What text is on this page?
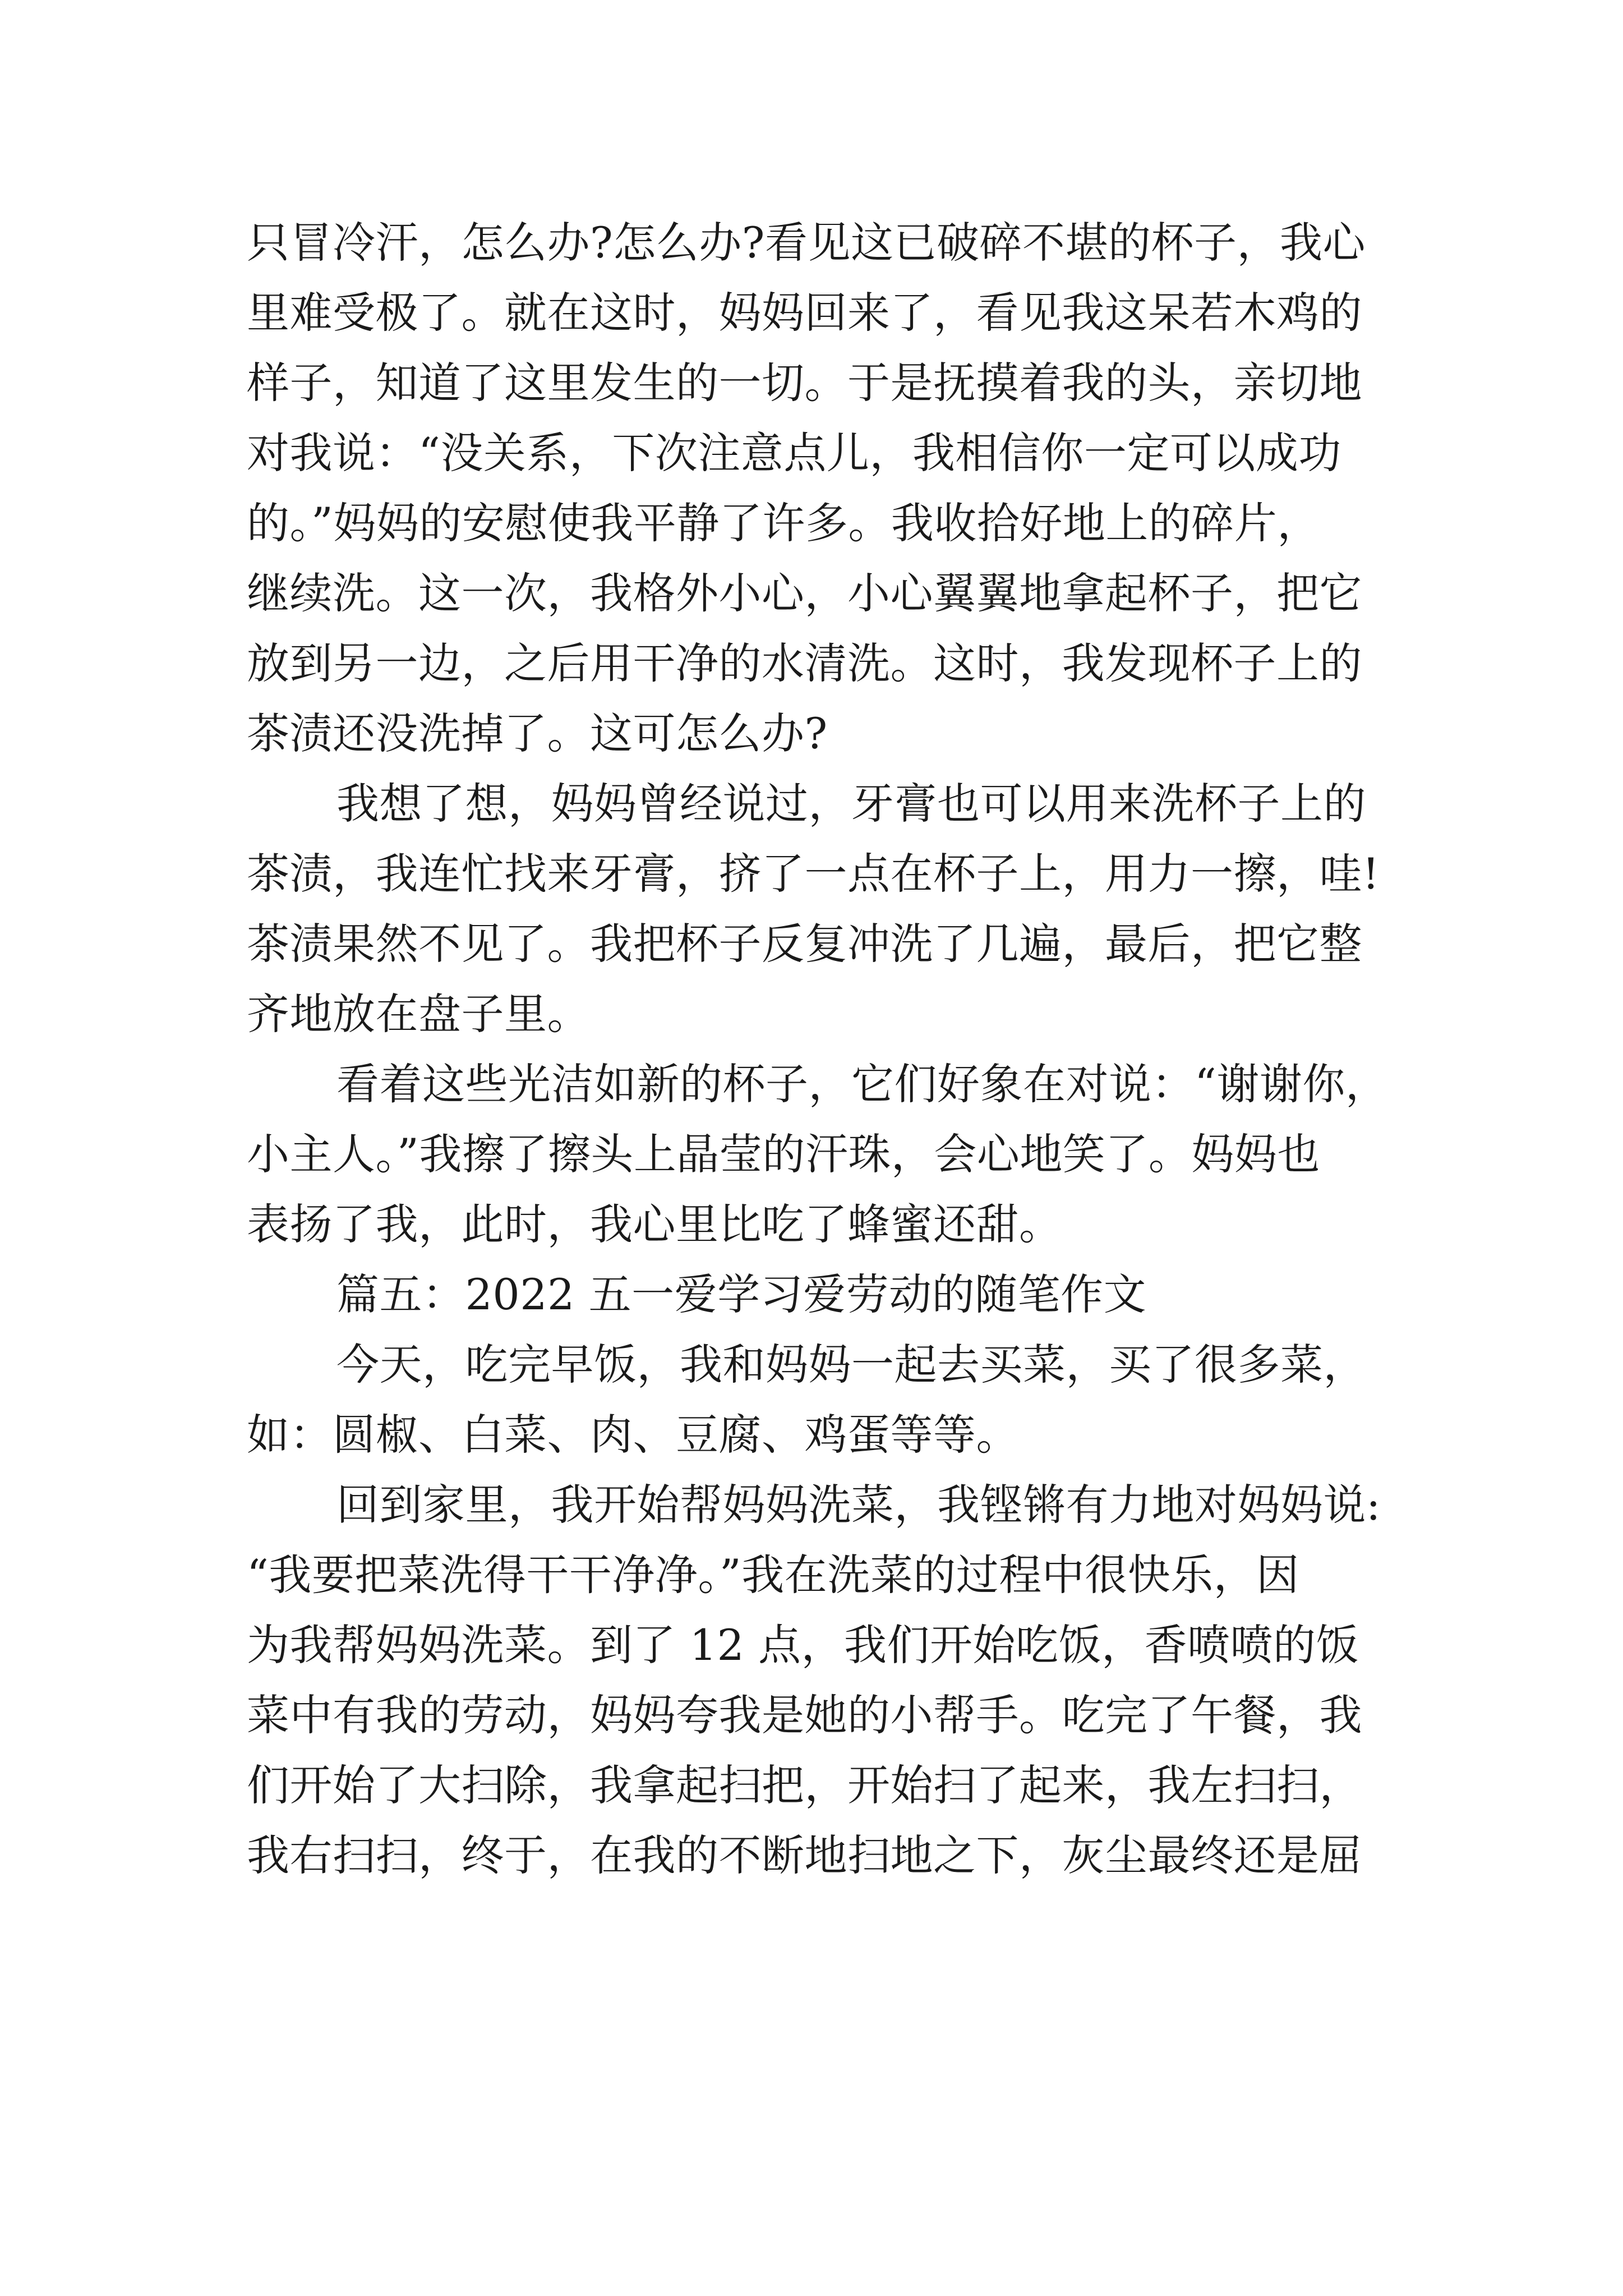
只冒冷汗，怎么办?怎么办?看见这已破碎不堪的杯子，我心
里难受极了。就在这时，妈妈回来了，看见我这呆若木鸡的
样子，知道了这里发生的一切。于是抚摸着我的头，亲切地
对我说：“没关系，下次注意点儿，我相信你一定可以成功
的。”妈妈的安慰使我平静了许多。我收拾好地上的碎片，
继续洗。这一次，我格外小心，小心翼翼地拿起杯子，把它
放到另一边，之后用干净的水清洗。这时，我发现杯子上的
茶渍还没洗掉了。这可怎么办?
我想了想，妈妈曾经说过，牙膏也可以用来洗杯子上的
茶渍，我连忙找来牙膏，挤了一点在杯子上，用力一擦，哇!
茶渍果然不见了。我把杯子反复冲洗了几遍，最后，把它整
齐地放在盘子里。
看着这些光洁如新的杯子，它们好象在对说：“谢谢你，
小主人。”我擦了擦头上晶莹的汗珠，会心地笑了。妈妈也
表扬了我，此时，我心里比吃了蜂蜜还甜。
篇五：2022 五一爱学习爱劳动的随笔作文
今天，吃完早饭，我和妈妈一起去买菜，买了很多菜，
如：圆椒、白菜、肉、豆腐、鸡蛋等等。
回到家里，我开始帮妈妈洗菜，我铿锵有力地对妈妈说:
“我要把菜洗得干干净净。”我在洗菜的过程中很快乐，因
为我帮妈妈洗菜。到了 12 点，我们开始吃饭，香喷喷的饭
菜中有我的劳动，妈妈夸我是她的小帮手。吃完了午餐，我
们开始了大扫除，我拿起扫把，开始扫了起来，我左扫扫，
我右扫扫，终于，在我的不断地扫地之下，灰尘最终还是屈
